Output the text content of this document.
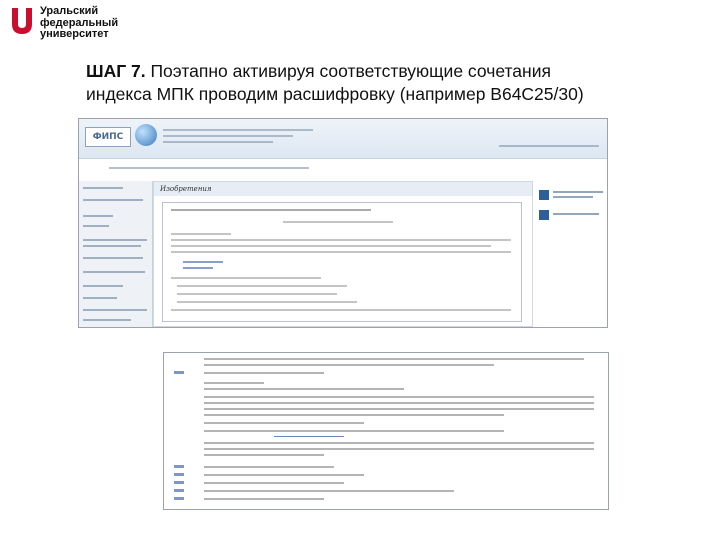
Уральский
федеральный
университет
ШАГ 7. Поэтапно активируя соответствующие сочетания
индекса МПК проводим расшифровку (например В64С25/30)
ФИПС
Изобретения
